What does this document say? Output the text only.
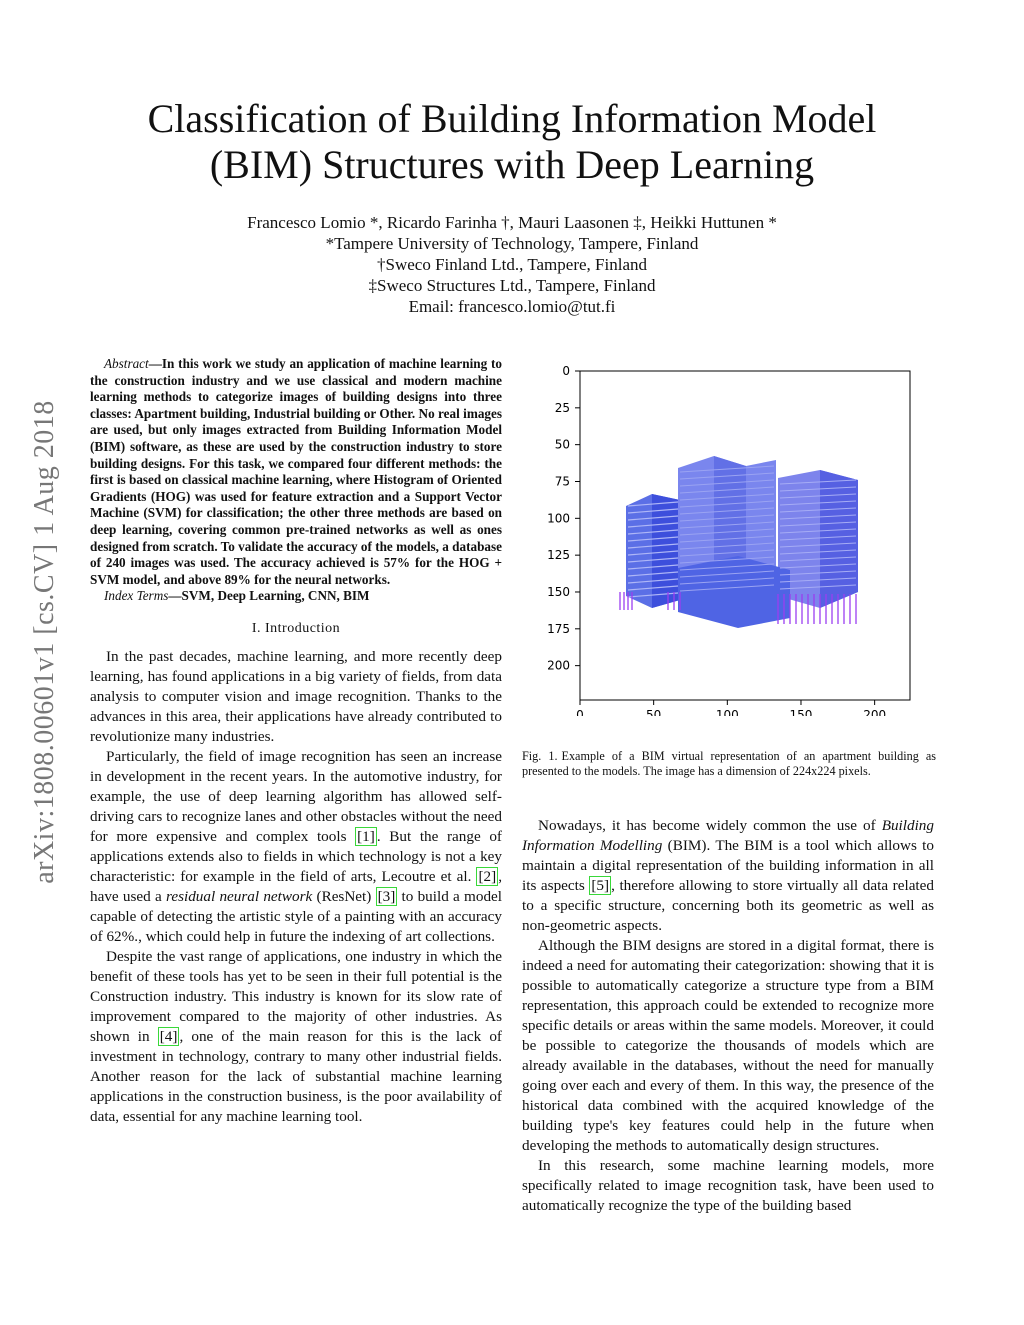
Classification of Building Information Model
(BIM) Structures with Deep Learning
Francesco Lomio *, Ricardo Farinha †, Mauri Laasonen ‡, Heikki Huttunen *
*Tampere University of Technology, Tampere, Finland
†Sweco Finland Ltd., Tampere, Finland
‡Sweco Structures Ltd., Tampere, Finland
Email: francesco.lomio@tut.fi
arXiv:1808.00601v1 [cs.CV] 1 Aug 2018

Abstract—In this work we study an application of machine learning to the construction industry and we use classical and modern machine learning methods to categorize images of building designs into three classes: Apartment building, Industrial building or Other. No real images are used, but only images extracted from Building Information Model (BIM) software, as these are used by the construction industry to store building designs. For this task, we compared four different methods: the first is based on classical machine learning, where Histogram of Oriented Gradients (HOG) was used for feature extraction and a Support Vector Machine (SVM) for classification; the other three methods are based on deep learning, covering common pre-trained networks as well as ones designed from scratch. To validate the accuracy of the models, a database of 240 images was used. The accuracy achieved is 57% for the HOG + SVM model, and above 89% for the neural networks.

Index Terms—SVM, Deep Learning, CNN, BIM

I. Introduction

In the past decades, machine learning, and more recently deep learning, has found applications in a big variety of fields, from data analysis to computer vision and image recognition. Thanks to the advances in this area, their applications have already contributed to revolutionize many industries.

Particularly, the field of image recognition has seen an increase in development in the recent years. In the automotive industry, for example, the use of deep learning algorithm has allowed self-driving cars to recognize lanes and other obstacles without the need for more expensive and complex tools [1] . But the range of applications extends also to fields in which technology is not a key characteristic: for example in the field of arts, Lecoutre et al. [2] , have used a residual neural network (ResNet) [3] to build a model capable of detecting the artistic style of a painting with an accuracy of 62%., which could help in future the indexing of art collections.

Despite the vast range of applications, one industry in which the benefit of these tools has yet to be seen in their full potential is the Construction industry. This industry is known for its slow rate of improvement compared to the majority of other industries. As shown in [4] , one of the main reason for this is the lack of investment in technology, contrary to many other industrial fields. Another reason for the lack of substantial machine learning applications in the construction business, is the poor availability of data, essential for any machine learning tool.

0
25
50
75
100
125
150
175
200
0	50	100	150	200
Fig. 1. Example of a BIM virtual representation of an apartment building as presented to the models. The image has a dimension of 224x224 pixels.

Nowadays, it has become widely common the use of Building Information Modelling (BIM). The BIM is a tool which allows to maintain a digital representation of the building information in all its aspects [5] , therefore allowing to store virtually all data related to a specific structure, concerning both its geometric as well as non-geometric aspects.

Although the BIM designs are stored in a digital format, there is indeed a need for automating their categorization: showing that it is possible to automatically categorize a structure type from a BIM representation, this approach could be extended to recognize more specific details or areas within the same models. Moreover, it could be possible to categorize the thousands of models which are already available in the databases, without the need for manually going over each and every of them. In this way, the presence of the historical data combined with the acquired knowledge of the building type's key features could help in the future when developing the methods to automatically design structures.

In this research, some machine learning models, more specifically related to image recognition task, have been used to automatically recognize the type of the building based
